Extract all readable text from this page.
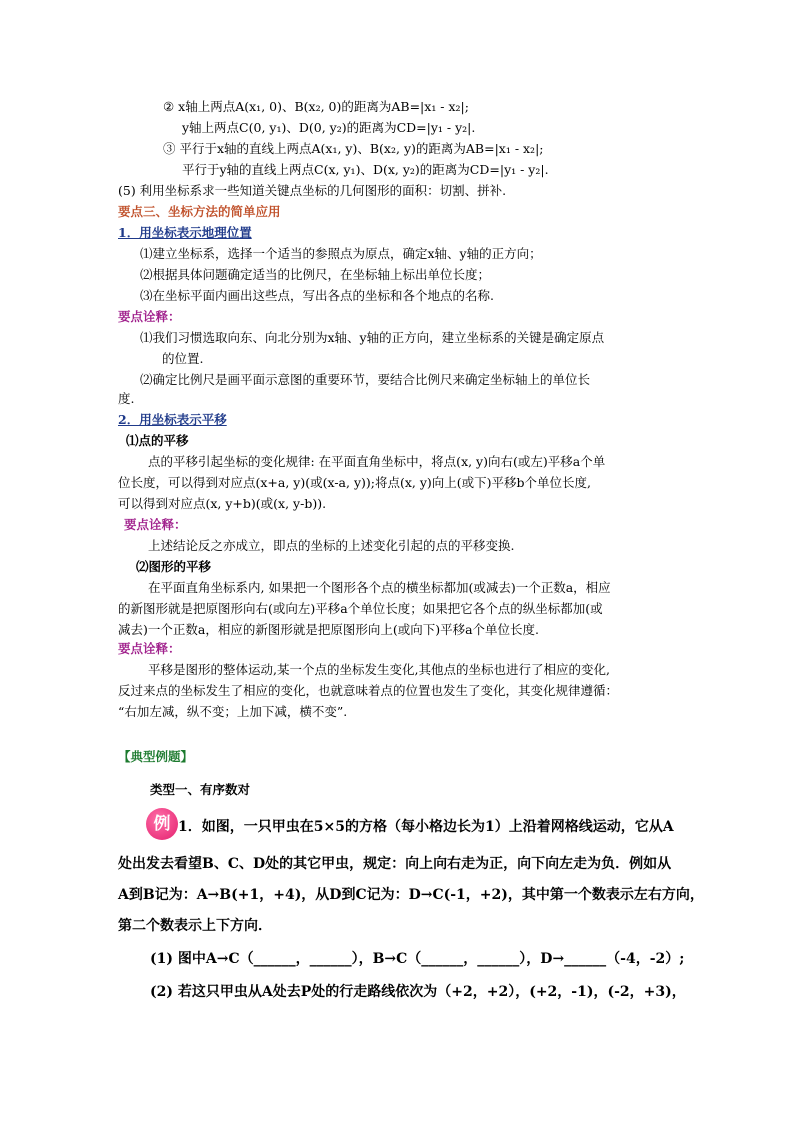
② x轴上两点A(x₁, 0)、B(x₂, 0)的距离为AB=|x₁ - x₂|;
y轴上两点C(0, y₁)、D(0, y₂)的距离为CD=|y₁ - y₂|.
③ 平行于x轴的直线上两点A(x₁, y)、B(x₂, y)的距离为AB=|x₁ - x₂|;
平行于y轴的直线上两点C(x, y₁)、D(x, y₂)的距离为CD=|y₁ - y₂|.
(5) 利用坐标系求一些知道关键点坐标的几何图形的面积：切割、拼补.
要点三、坐标方法的简单应用
1．用坐标表示地理位置
⑴建立坐标系，选择一个适当的参照点为原点，确定x轴、y轴的正方向；
⑵根据具体问题确定适当的比例尺，在坐标轴上标出单位长度；
⑶在坐标平面内画出这些点，写出各点的坐标和各个地点的名称.
要点诠释：
⑴我们习惯选取向东、向北分别为x轴、y轴的正方向，建立坐标系的关键是确定原点
的位置.
⑵确定比例尺是画平面示意图的重要环节，要结合比例尺来确定坐标轴上的单位长
度.
2．用坐标表示平移
⑴点的平移
点的平移引起坐标的变化规律: 在平面直角坐标中，将点(x, y)向右(或左)平移a个单
位长度，可以得到对应点(x+a, y)(或(x-a, y));将点(x, y)向上(或下)平移b个单位长度,
可以得到对应点(x, y+b)(或(x, y-b)).
要点诠释：
上述结论反之亦成立，即点的坐标的上述变化引起的点的平移变换.
⑵图形的平移
在平面直角坐标系内, 如果把一个图形各个点的横坐标都加(或减去)一个正数a，相应
的新图形就是把原图形向右(或向左)平移a个单位长度；如果把它各个点的纵坐标都加(或
减去)一个正数a，相应的新图形就是把原图形向上(或向下)平移a个单位长度.
要点诠释：
平移是图形的整体运动,某一个点的坐标发生变化,其他点的坐标也进行了相应的变化,
反过来点的坐标发生了相应的变化，也就意味着点的位置也发生了变化，其变化规律遵循：
“右加左减，纵不变；上加下减，横不变”.
【典型例题】
类型一、有序数对
例 1．如图，一只甲虫在5×5的方格（每小格边长为1）上沿着网格线运动，它从A
处出发去看望B、C、D处的其它甲虫，规定：向上向右走为正，向下向左走为负．例如从
A到B记为：A→B(+1，+4)，从D到C记为：D→C(-1，+2)，其中第一个数表示左右方向，
第二个数表示上下方向．
(1) 图中A→C（______，______），B→C（______，______），D→______（-4，-2）;
(2) 若这只甲虫从A处去P处的行走路线依次为（+2，+2），(+2，-1)，(-2，+3)，
